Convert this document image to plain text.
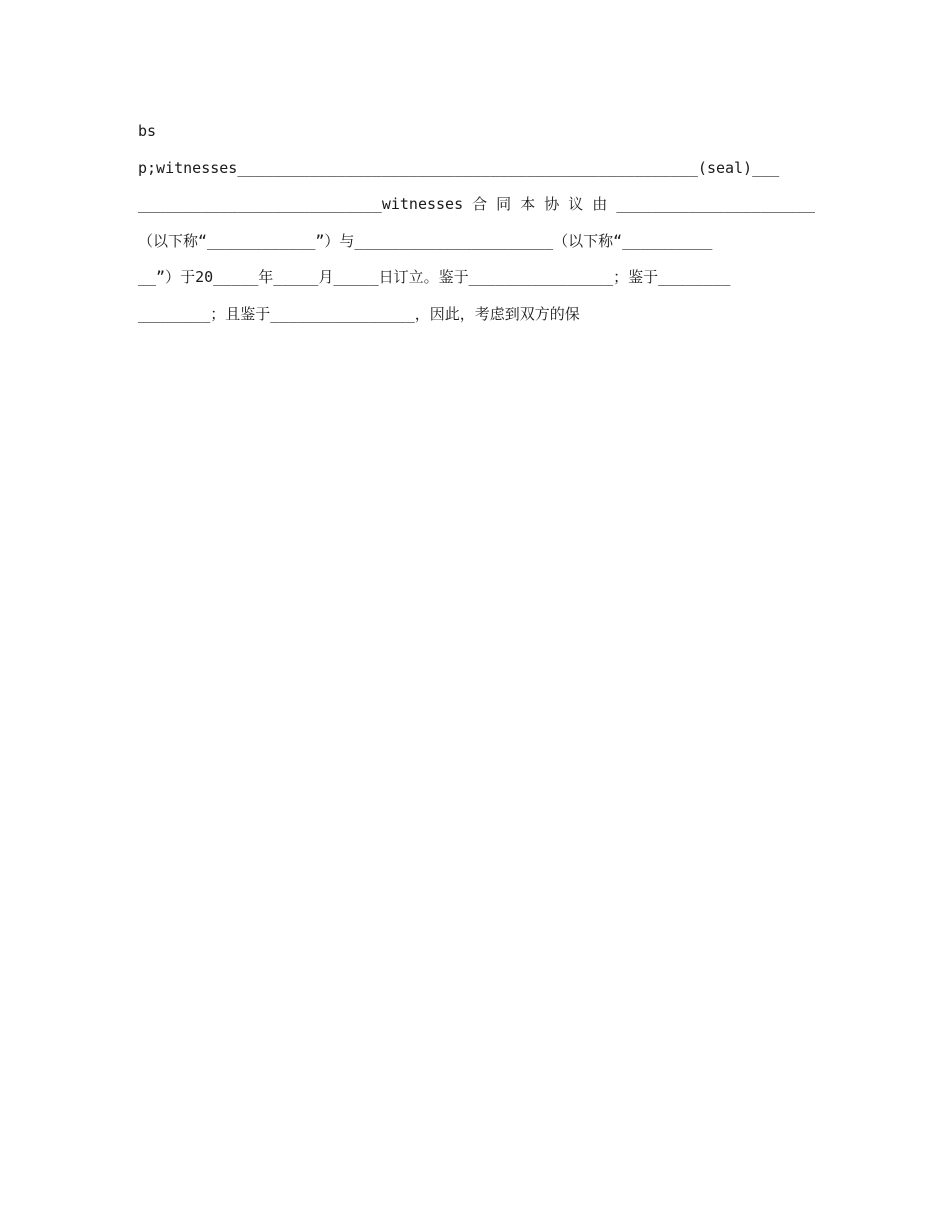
bs
p;witnesses___________________________________________________(seal)___
___________________________witnesses 合 同 本 协 议 由 ______________________
（以下称“____________”）与______________________（以下称“__________
__”）于20_____年_____月_____日订立。鉴于________________；鉴于________
________；且鉴于________________，因此，考虑到双方的保
